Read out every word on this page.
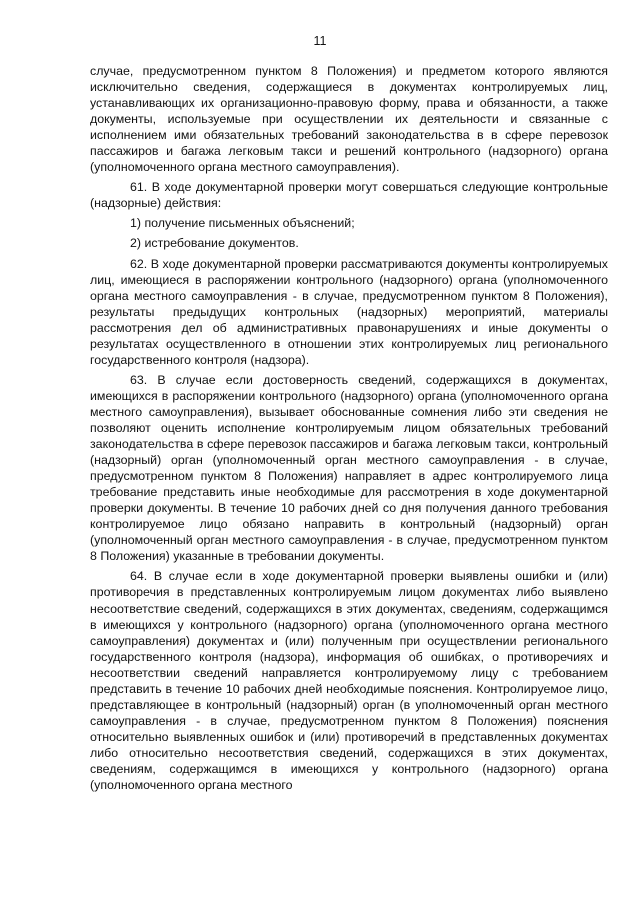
11

случае, предусмотренном пунктом 8 Положения) и предметом которого являются исключительно сведения, содержащиеся в документах контролируемых лиц, устанавливающих их организационно-правовую форму, права и обязанности, а также документы, используемые при осуществлении их деятельности и связанные с исполнением ими обязательных требований законодательства в в сфере перевозок пассажиров и багажа легковым такси и решений контрольного (надзорного) органа (уполномоченного органа местного самоуправления).

61. В ходе документарной проверки могут совершаться следующие контрольные (надзорные) действия:

1) получение письменных объяснений;

2) истребование документов.

62. В ходе документарной проверки рассматриваются документы контролируемых лиц, имеющиеся в распоряжении контрольного (надзорного) органа (уполномоченного органа местного самоуправления - в случае, предусмотренном пунктом 8 Положения), результаты предыдущих контрольных (надзорных) мероприятий, материалы рассмотрения дел об административных правонарушениях и иные документы о результатах осуществленного в отношении этих контролируемых лиц регионального государственного контроля (надзора).

63. В случае если достоверность сведений, содержащихся в документах, имеющихся в распоряжении контрольного (надзорного) органа (уполномоченного органа местного самоуправления), вызывает обоснованные сомнения либо эти сведения не позволяют оценить исполнение контролируемым лицом обязательных требований законодательства в сфере перевозок пассажиров и багажа легковым такси, контрольный (надзорный) орган (уполномоченный орган местного самоуправления - в случае, предусмотренном пунктом 8 Положения) направляет в адрес контролируемого лица требование представить иные необходимые для рассмотрения в ходе документарной проверки документы. В течение 10 рабочих дней со дня получения данного требования контролируемое лицо обязано направить в контрольный (надзорный) орган (уполномоченный орган местного самоуправления - в случае, предусмотренном пунктом 8 Положения) указанные в требовании документы.

64. В случае если в ходе документарной проверки выявлены ошибки и (или) противоречия в представленных контролируемым лицом документах либо выявлено несоответствие сведений, содержащихся в этих документах, сведениям, содержащимся в имеющихся у контрольного (надзорного) органа (уполномоченного органа местного самоуправления) документах и (или) полученным при осуществлении регионального государственного контроля (надзора), информация об ошибках, о противоречиях и несоответствии сведений направляется контролируемому лицу с требованием представить в течение 10 рабочих дней необходимые пояснения. Контролируемое лицо, представляющее в контрольный (надзорный) орган (в уполномоченный орган местного самоуправления - в случае, предусмотренном пунктом 8 Положения) пояснения относительно выявленных ошибок и (или) противоречий в представленных документах либо относительно несоответствия сведений, содержащихся в этих документах, сведениям, содержащимся в имеющихся у контрольного (надзорного) органа (уполномоченного органа местного
